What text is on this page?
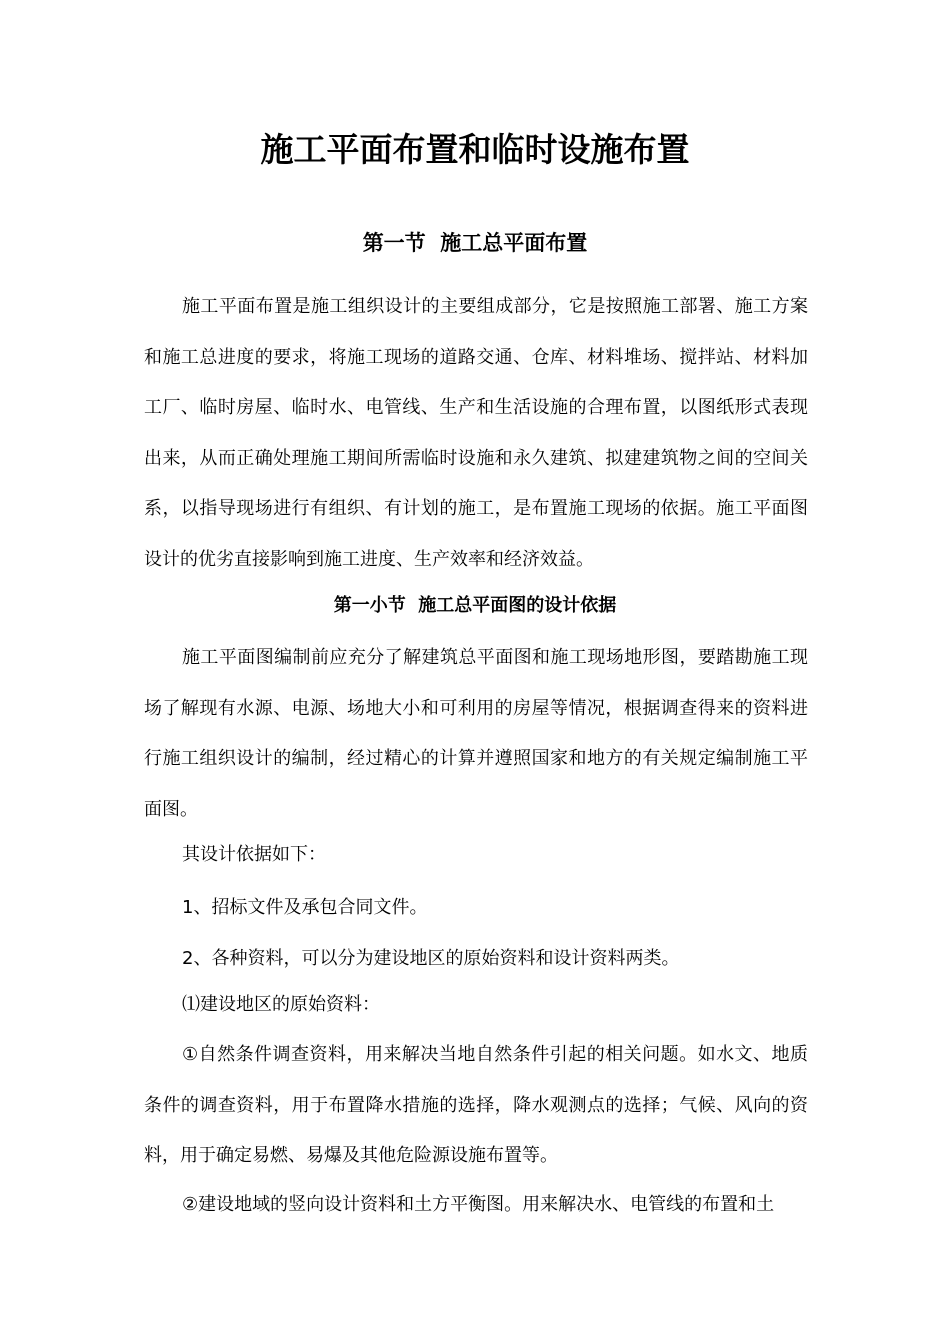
施工平面布置和临时设施布置
第一节  施工总平面布置

施工平面布置是施工组织设计的主要组成部分，它是按照施工部署、施工方案和施工总进度的要求，将施工现场的道路交通、仓库、材料堆场、搅拌站、材料加工厂、临时房屋、临时水、电管线、生产和生活设施的合理布置，以图纸形式表现出来，从而正确处理施工期间所需临时设施和永久建筑、拟建建筑物之间的空间关系，以指导现场进行有组织、有计划的施工，是布置施工现场的依据。施工平面图设计的优劣直接影响到施工进度、生产效率和经济效益。

第一小节  施工总平面图的设计依据

施工平面图编制前应充分了解建筑总平面图和施工现场地形图，要踏勘施工现场了解现有水源、电源、场地大小和可利用的房屋等情况，根据调查得来的资料进行施工组织设计的编制，经过精心的计算并遵照国家和地方的有关规定编制施工平面图。

其设计依据如下：

1、招标文件及承包合同文件。

2、各种资料，可以分为建设地区的原始资料和设计资料两类。

⑴建设地区的原始资料：

①自然条件调查资料，用来解决当地自然条件引起的相关问题。如水文、地质条件的调查资料，用于布置降水措施的选择，降水观测点的选择；气候、风向的资料，用于确定易燃、易爆及其他危险源设施布置等。

②建设地域的竖向设计资料和土方平衡图。用来解决水、电管线的布置和土
